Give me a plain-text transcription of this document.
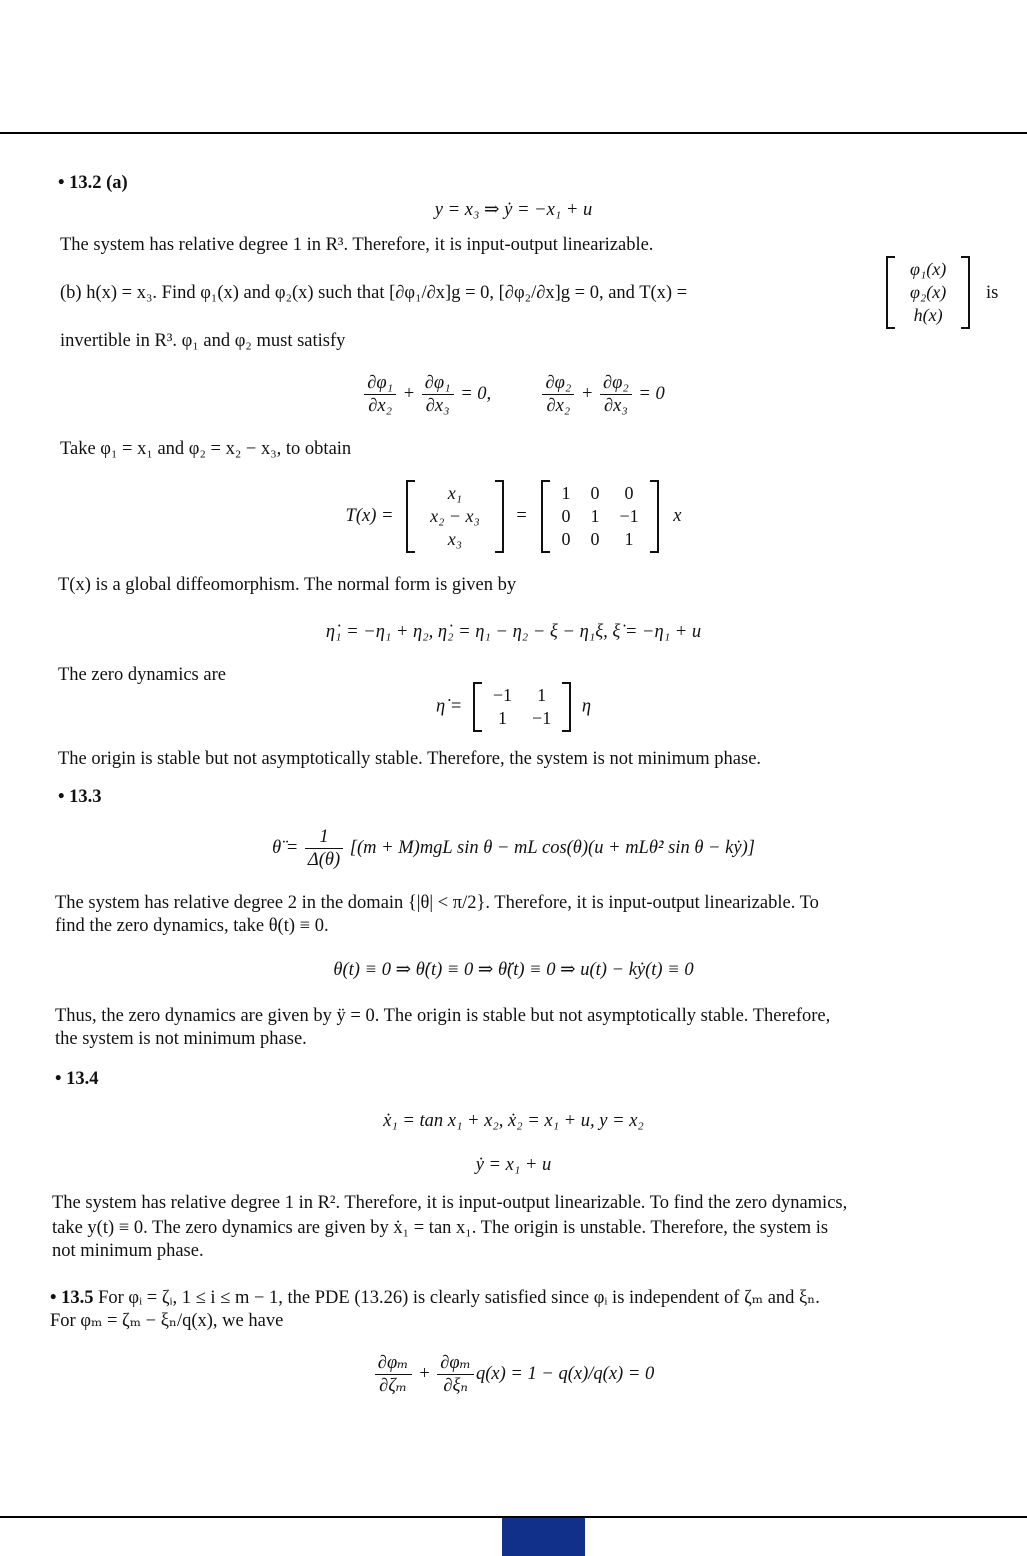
• 13.2 (a)
y = x₃ ⇒ ẏ = −x₁ + u
The system has relative degree 1 in R³. Therefore, it is input-output linearizable.
(b) h(x) = x₃. Find φ₁(x) and φ₂(x) such that [∂φ₁/∂x]g = 0, [∂φ₂/∂x]g = 0, and T(x) =
φ₁(x)
φ₂(x)
h(x)
is
invertible in R³. φ₁ and φ₂ must satisfy
$\frac{\text{∂φ₁}}{\text{∂x₂}} + \frac{\text{∂φ₁}}{\text{∂x₃}} = 0$,	$\frac{\text{∂φ₂}}{\text{∂x₂}} + \frac{\text{∂φ₂}}{\text{∂x₃}} = 0$
Take φ₁ = x₁ and φ₂ = x₂ − x₃, to obtain
T(x) =
x₁
x₂ − x₃
x₃
=
1	0	0
0	1	−1
0	0	1
x
T(x) is a global diffeomorphism. The normal form is given by
η̇₁ = −η₁ + η₂, η̇₂ = η₁ − η₂ − ξ − η₁ξ, ξ̇ = −η₁ + u
The zero dynamics are
η̇ =
−1	1
1	−1
η
The origin is stable but not asymptotically stable. Therefore, the system is not minimum phase.
• 13.3
θ̈ = $\frac{1}{\Delta(\theta)} [(m + M)mgL$ sin θ − mL cos(θ)(u + mLθ̇² sin θ − kẏ)]
The system has relative degree 2 in the domain {|θ| < π/2}. Therefore, it is input-output linearizable. To
find the zero dynamics, take θ(t) ≡ 0.
θ(t) ≡ 0 ⇒ θ̇(t) ≡ 0 ⇒ θ̈(t) ≡ 0 ⇒ u(t) − kẏ(t) ≡ 0
Thus, the zero dynamics are given by ÿ = 0. The origin is stable but not asymptotically stable. Therefore,
the system is not minimum phase.
• 13.4
ẋ₁ = tan x₁ + x₂, ẋ₂ = x₁ + u, y = x₂
ẏ = x₁ + u
The system has relative degree 1 in R². Therefore, it is input-output linearizable. To find the zero dynamics,
take y(t) ≡ 0. The zero dynamics are given by ẋ₁ = tan x₁. The origin is unstable. Therefore, the system is
not minimum phase.
• 13.5 For φᵢ = ζᵢ, 1 ≤ i ≤ m − 1, the PDE (13.26) is clearly satisfied since φᵢ is independent of ζₘ and ξₙ.
For φₘ = ζₘ − ξₙ/q(x), we have
$\frac{\text{∂φₘ}}{\text{∂ζₘ}} + \frac{\text{∂φₘ}}{\text{∂ξₙ}} q(x) = 1 - q(x)/q(x) = 0$
